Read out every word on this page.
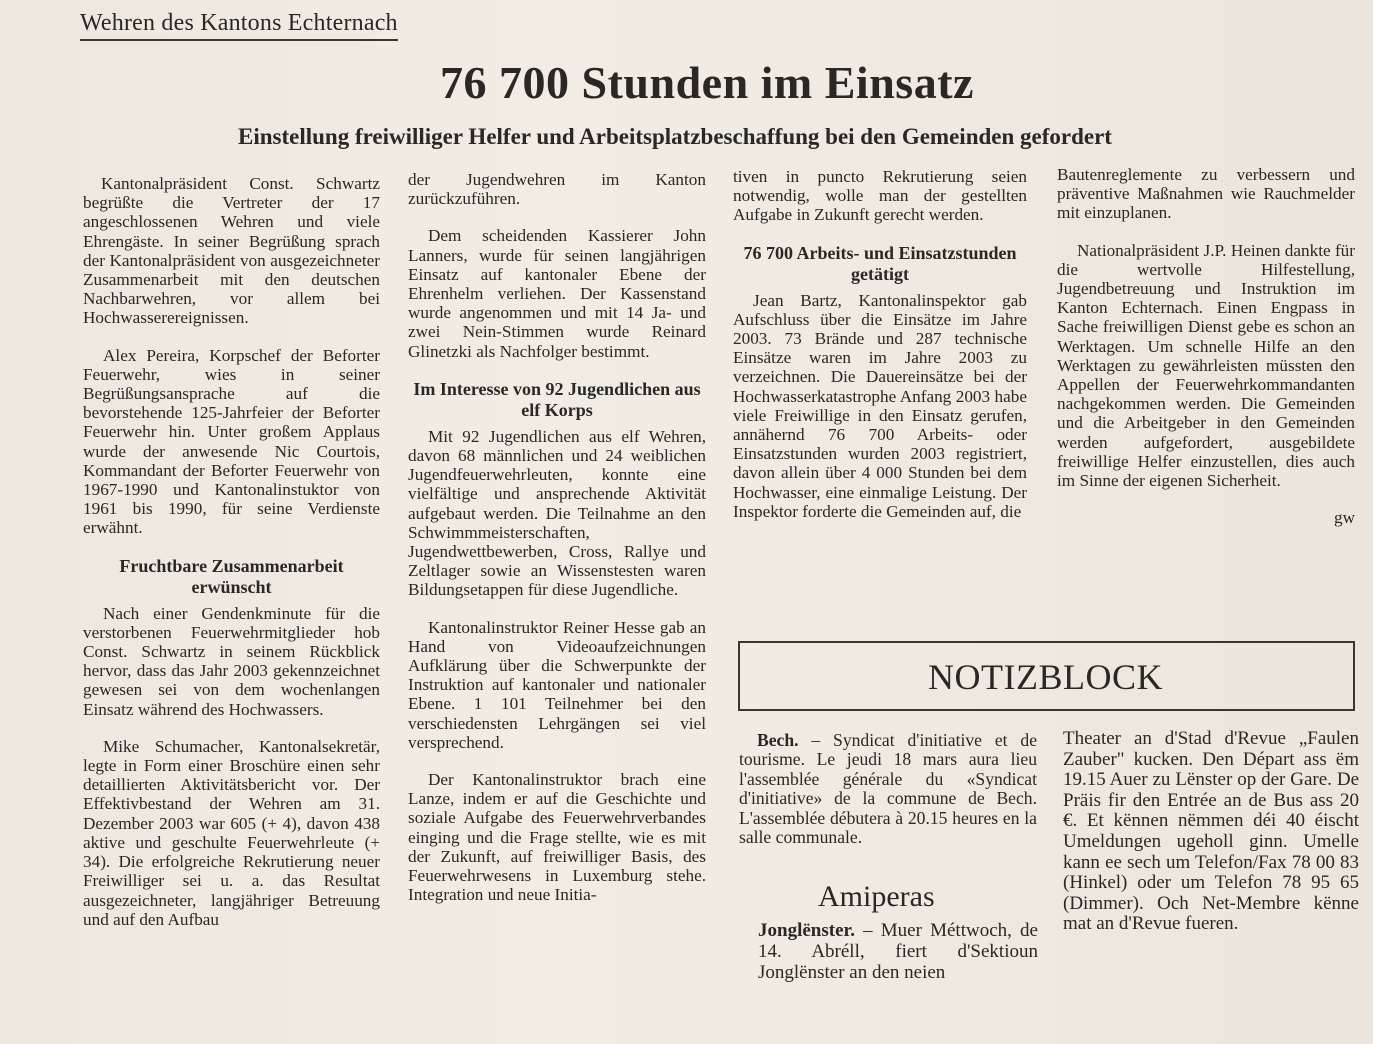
Wehren des Kantons Echternach
76 700 Stunden im Einsatz
Einstellung freiwilliger Helfer und Arbeitsplatzbeschaffung bei den Gemeinden gefordert

Kantonalpräsident Const. Schwartz begrüßte die Vertreter der 17 angeschlossenen Wehren und viele Ehrengäste. In seiner Begrüßung sprach der Kantonalpräsident von ausgezeichneter Zusammenarbeit mit den deutschen Nachbarwehren, vor allem bei Hochwasserereignissen.

Alex Pereira, Korpschef der Beforter Feuerwehr, wies in seiner Begrüßungsansprache auf die bevorstehende 125-Jahrfeier der Beforter Feuerwehr hin. Unter großem Applaus wurde der anwesende Nic Courtois, Kommandant der Beforter Feuerwehr von 1967-1990 und Kantonalinstuktor von 1961 bis 1990, für seine Verdienste erwähnt.

Fruchtbare Zusammenarbeit erwünscht

Nach einer Gendenkminute für die verstorbenen Feuerwehrmitglieder hob Const. Schwartz in seinem Rückblick hervor, dass das Jahr 2003 gekennzeichnet gewesen sei von dem wochenlangen Einsatz während des Hochwassers.

Mike Schumacher, Kantonalsekretär, legte in Form einer Broschüre einen sehr detaillierten Aktivitätsbericht vor. Der Effektivbestand der Wehren am 31. Dezember 2003 war 605 (+ 4), davon 438 aktive und geschulte Feuerwehrleute (+ 34). Die erfolgreiche Rekrutierung neuer Freiwilliger sei u. a. das Resultat ausgezeichneter, langjähriger Betreuung und auf den Aufbau

der Jugendwehren im Kanton zurückzuführen.

Dem scheidenden Kassierer John Lanners, wurde für seinen langjährigen Einsatz auf kantonaler Ebene der Ehrenhelm verliehen. Der Kassenstand wurde angenommen und mit 14 Ja- und zwei Nein-Stimmen wurde Reinard Glinetzki als Nachfolger bestimmt.

Im Interesse von 92 Jugendlichen aus elf Korps

Mit 92 Jugendlichen aus elf Wehren, davon 68 männlichen und 24 weiblichen Jugendfeuerwehrleuten, konnte eine vielfältige und ansprechende Aktivität aufgebaut werden. Die Teilnahme an den Schwimmmeisterschaften, Jugendwettbewerben, Cross, Rallye und Zeltlager sowie an Wissenstesten waren Bildungsetappen für diese Jugendliche.

Kantonalinstruktor Reiner Hesse gab an Hand von Videoaufzeichnungen Aufklärung über die Schwerpunkte der Instruktion auf kantonaler und nationaler Ebene. 1 101 Teilnehmer bei den verschiedensten Lehrgängen sei viel versprechend.

Der Kantonalinstruktor brach eine Lanze, indem er auf die Geschichte und soziale Aufgabe des Feuerwehrverbandes einging und die Frage stellte, wie es mit der Zukunft, auf freiwilliger Basis, des Feuerwehrwesens in Luxemburg stehe. Integration und neue Initia-

tiven in puncto Rekrutierung seien notwendig, wolle man der gestellten Aufgabe in Zukunft gerecht werden.

76 700 Arbeits- und Einsatzstunden getätigt

Jean Bartz, Kantonalinspektor gab Aufschluss über die Einsätze im Jahre 2003. 73 Brände und 287 technische Einsätze waren im Jahre 2003 zu verzeichnen. Die Dauereinsätze bei der Hochwasserkatastrophe Anfang 2003 habe viele Freiwillige in den Einsatz gerufen, annähernd 76 700 Arbeits- oder Einsatzstunden wurden 2003 registriert, davon allein über 4 000 Stunden bei dem Hochwasser, eine einmalige Leistung. Der Inspektor forderte die Gemeinden auf, die

Bautenreglemente zu verbessern und präventive Maßnahmen wie Rauchmelder mit einzuplanen.

Nationalpräsident J.P. Heinen dankte für die wertvolle Hilfestellung, Jugendbetreuung und Instruktion im Kanton Echternach. Einen Engpass in Sache freiwilligen Dienst gebe es schon an Werktagen. Um schnelle Hilfe an den Werktagen zu gewährleisten müssten den Appellen der Feuerwehrkommandanten nachgekommen werden. Die Gemeinden und die Arbeitgeber in den Gemeinden werden aufgefordert, ausgebildete freiwillige Helfer einzustellen, dies auch im Sinne der eigenen Sicherheit.

gw
NOTIZBLOCK

Bech. – Syndicat d'initiative et de tourisme. Le jeudi 18 mars aura lieu l'assemblée générale du «Syndicat d'initiative» de la commune de Bech. L'assemblée débutera à 20.15 heures en la salle communale.

Amiperas

Jonglënster. – Muer Méttwoch, de 14. Abréll, fiert d'Sektioun Jonglënster an den neien

Theater an d'Stad d'Revue „Faulen Zauber" kucken. Den Départ ass ëm 19.15 Auer zu Lënster op der Gare. De Präis fir den Entrée an de Bus ass 20 €. Et kënnen nëmmen déi 40 éischt Umeldungen ugeholl ginn. Umelle kann ee sech um Telefon/Fax 78 00 83 (Hinkel) oder um Telefon 78 95 65 (Dimmer). Och Net-Membre kënne mat an d'Revue fueren.
